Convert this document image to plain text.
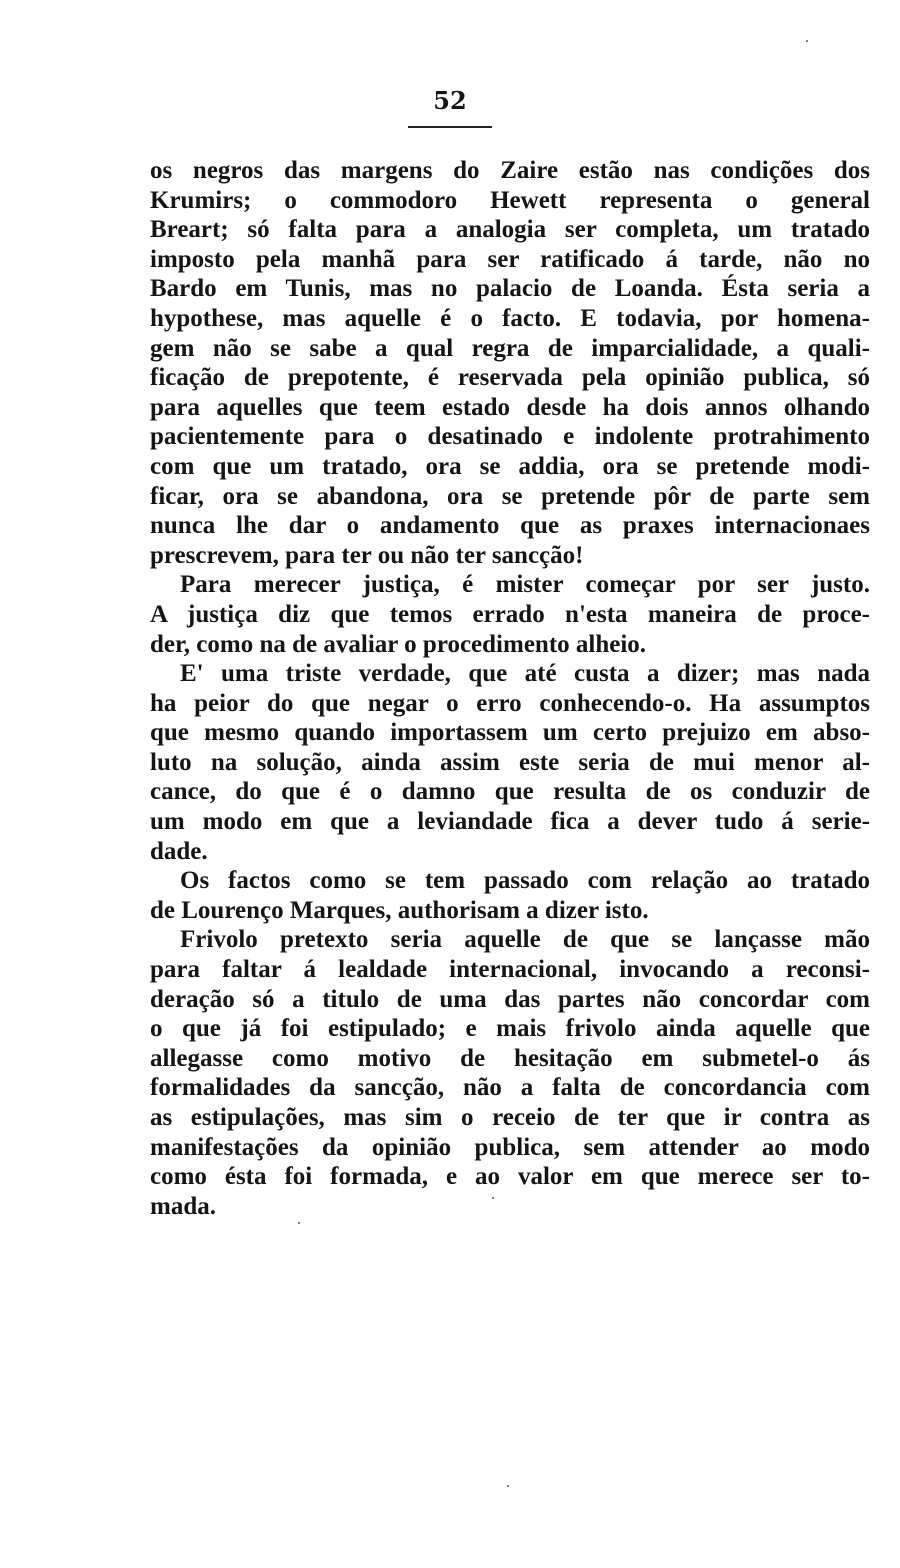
52

os negros das margens do Zaire estão nas condições dos
Krumirs; o commodoro Hewett representa o general
Breart; só falta para a analogia ser completa, um tratado
imposto pela manhã para ser ratificado á tarde, não no
Bardo em Tunis, mas no palacio de Loanda. Ésta seria a
hypothese, mas aquelle é o facto. E todavia, por homena-
gem não se sabe a qual regra de imparcialidade, a quali-
ficação de prepotente, é reservada pela opinião publica, só
para aquelles que teem estado desde ha dois annos olhando
pacientemente para o desatinado e indolente protrahimento
com que um tratado, ora se addia, ora se pretende modi-
ficar, ora se abandona, ora se pretende pôr de parte sem
nunca lhe dar o andamento que as praxes internacionaes
prescrevem, para ter ou não ter sancção!
Para merecer justiça, é mister começar por ser justo.
A justiça diz que temos errado n'esta maneira de proce-
der, como na de avaliar o procedimento alheio.
E' uma triste verdade, que até custa a dizer; mas nada
ha peior do que negar o erro conhecendo-o. Ha assumptos
que mesmo quando importassem um certo prejuizo em abso-
luto na solução, ainda assim este seria de mui menor al-
cance, do que é o damno que resulta de os conduzir de
um modo em que a leviandade fica a dever tudo á serie-
dade.
Os factos como se tem passado com relação ao tratado
de Lourenço Marques, authorisam a dizer isto.
Frivolo pretexto seria aquelle de que se lançasse mão
para faltar á lealdade internacional, invocando a reconsi-
deração só a titulo de uma das partes não concordar com
o que já foi estipulado; e mais frivolo ainda aquelle que
allegasse como motivo de hesitação em submetel-o ás
formalidades da sancção, não a falta de concordancia com
as estipulações, mas sim o receio de ter que ir contra as
manifestações da opinião publica, sem attender ao modo
como ésta foi formada, e ao valor em que merece ser to-
mada.
